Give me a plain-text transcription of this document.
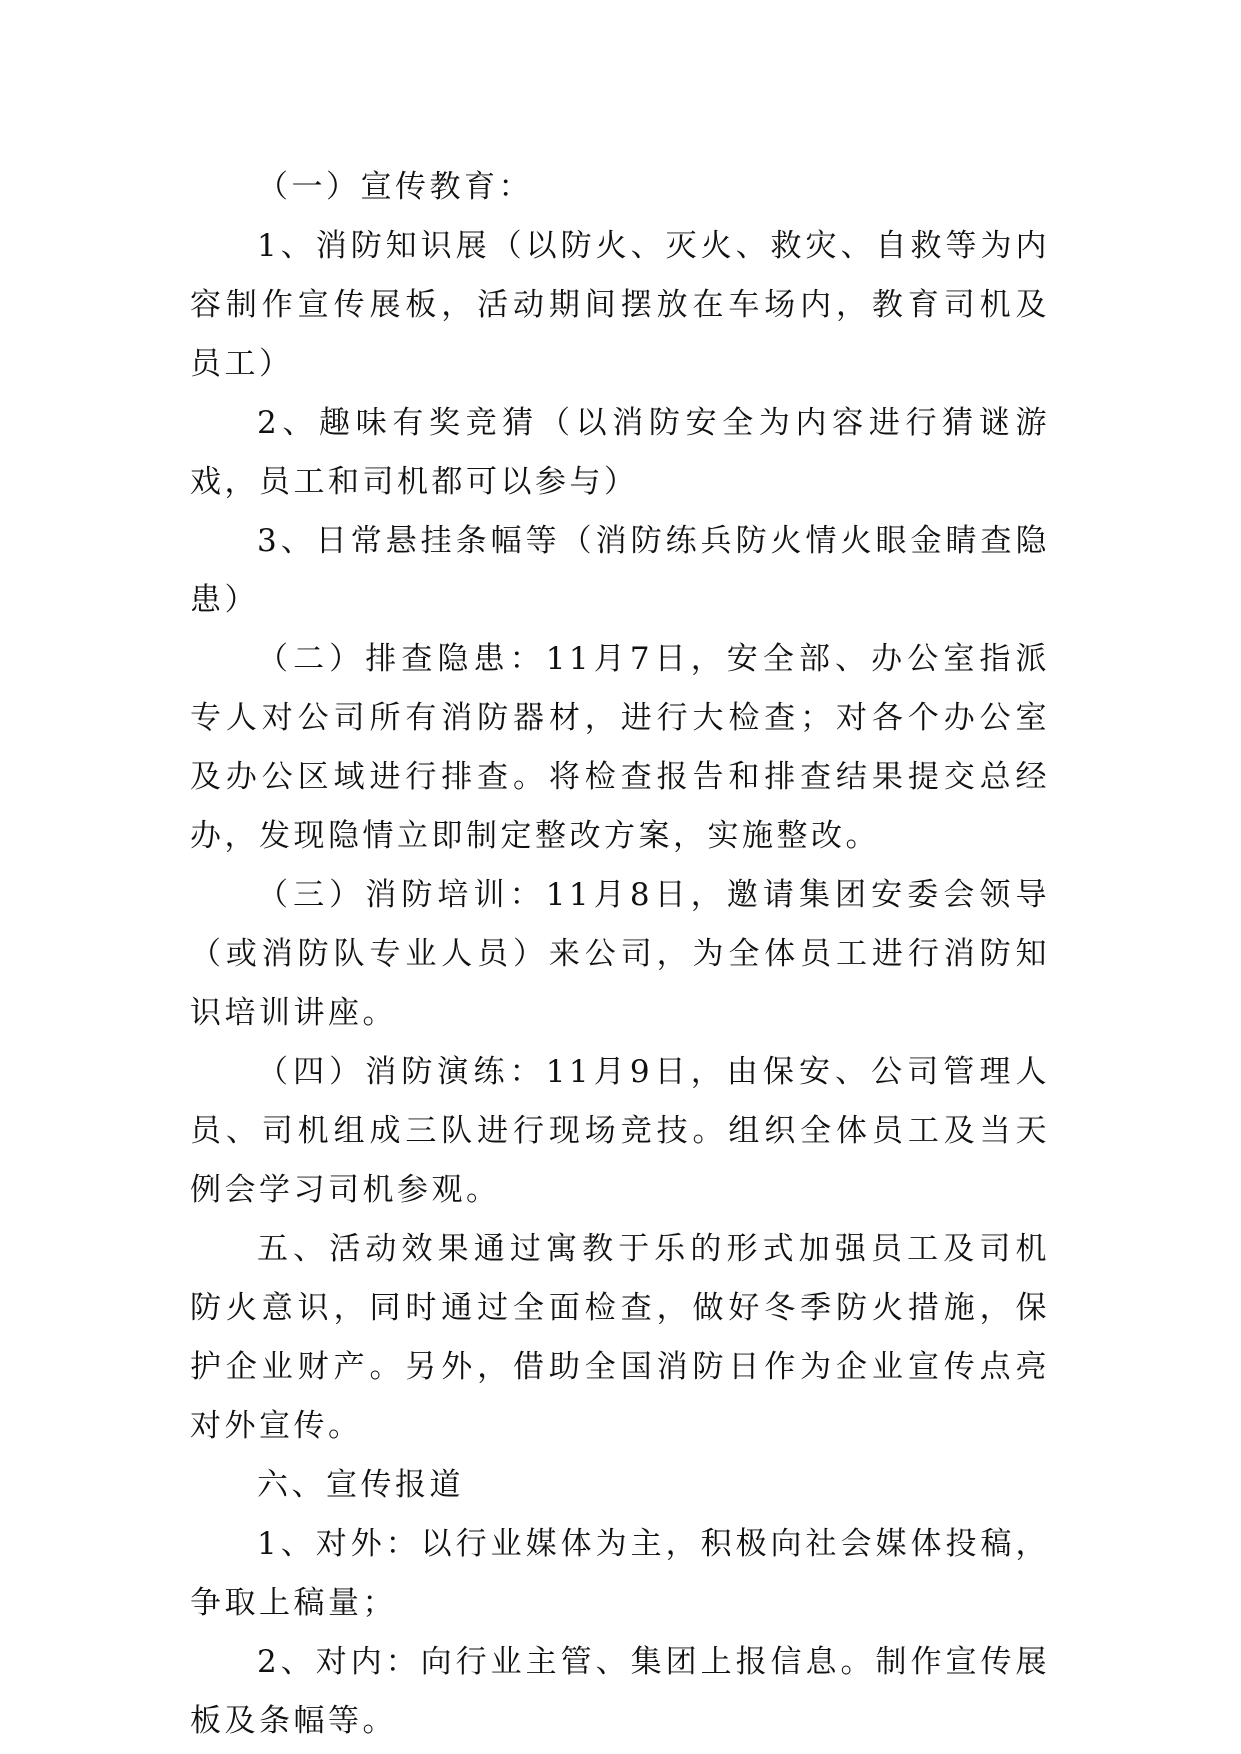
（一）宣传教育：

1、消防知识展（以防火、灭火、救灾、自救等为内容制作宣传展板，活动期间摆放在车场内，教育司机及员工）

2、趣味有奖竞猜（以消防安全为内容进行猜谜游戏，员工和司机都可以参与）

3、日常悬挂条幅等（消防练兵防火情火眼金睛查隐患）

（二）排查隐患：11月7日，安全部、办公室指派专人对公司所有消防器材，进行大检查；对各个办公室及办公区域进行排查。将检查报告和排查结果提交总经办，发现隐情立即制定整改方案，实施整改。

（三）消防培训：11月8日，邀请集团安委会领导（或消防队专业人员）来公司，为全体员工进行消防知识培训讲座。

（四）消防演练：11月9日，由保安、公司管理人员、司机组成三队进行现场竞技。组织全体员工及当天例会学习司机参观。

五、活动效果通过寓教于乐的形式加强员工及司机防火意识，同时通过全面检查，做好冬季防火措施，保护企业财产。另外，借助全国消防日作为企业宣传点亮对外宣传。

六、宣传报道

1、对外：以行业媒体为主，积极向社会媒体投稿，争取上稿量；

2、对内：向行业主管、集团上报信息。制作宣传展板及条幅等。
